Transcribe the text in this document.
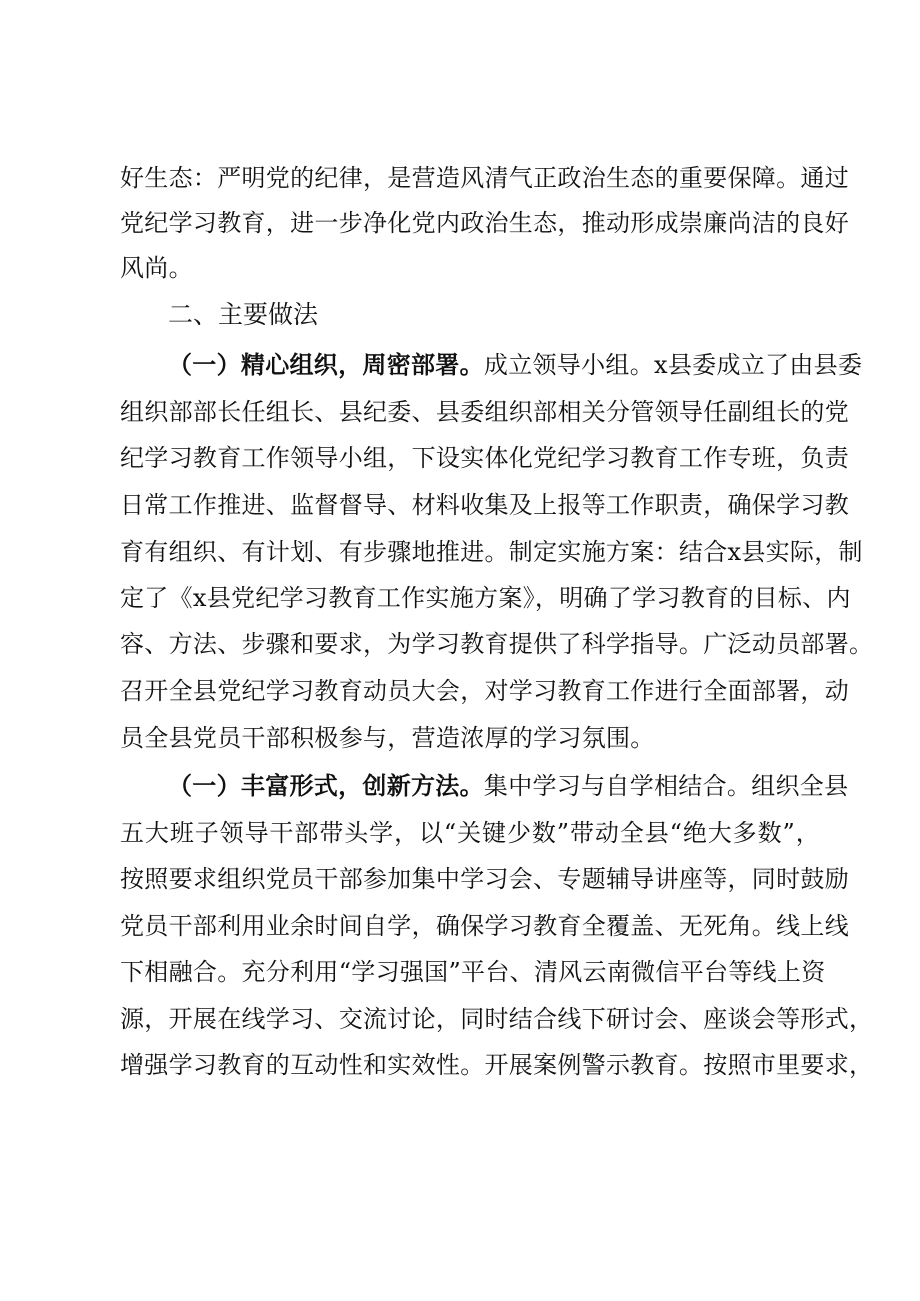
好生态：严明党的纪律，是营造风清气正政治生态的重要保障。通过
党纪学习教育，进一步净化党内政治生态，推动形成崇廉尚洁的良好
风尚。
二、主要做法
（一）精心组织，周密部署。成立领导小组。x县委成立了由县委
组织部部长任组长、县纪委、县委组织部相关分管领导任副组长的党
纪学习教育工作领导小组，下设实体化党纪学习教育工作专班，负责
日常工作推进、监督督导、材料收集及上报等工作职责，确保学习教
育有组织、有计划、有步骤地推进。制定实施方案：结合x县实际，制
定了《x县党纪学习教育工作实施方案》，明确了学习教育的目标、内
容、方法、步骤和要求，为学习教育提供了科学指导。广泛动员部署。
召开全县党纪学习教育动员大会，对学习教育工作进行全面部署，动
员全县党员干部积极参与，营造浓厚的学习氛围。
（一）丰富形式，创新方法。集中学习与自学相结合。组织全县
五大班子领导干部带头学，以“关键少数”带动全县“绝大多数”，
按照要求组织党员干部参加集中学习会、专题辅导讲座等，同时鼓励
党员干部利用业余时间自学，确保学习教育全覆盖、无死角。线上线
下相融合。充分利用“学习强国”平台、清风云南微信平台等线上资
源，开展在线学习、交流讨论，同时结合线下研讨会、座谈会等形式，
增强学习教育的互动性和实效性。开展案例警示教育。按照市里要求，
